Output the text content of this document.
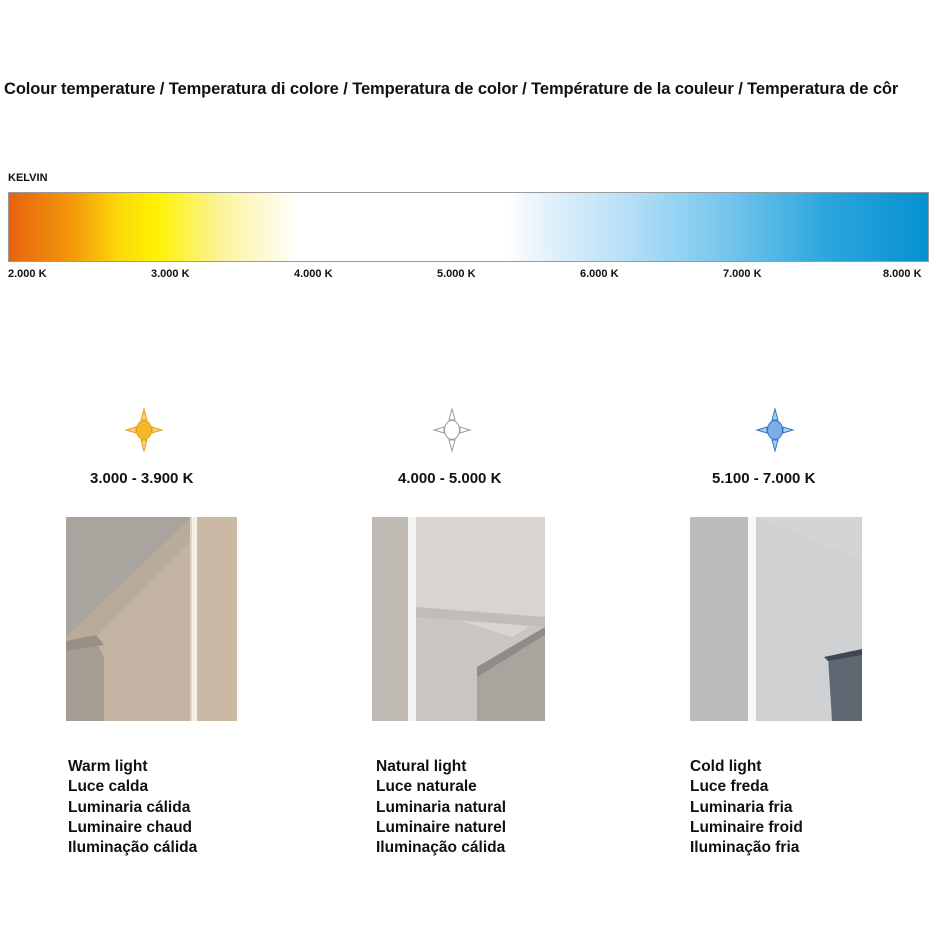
Colour temperature / Temperatura di colore / Temperatura de color / Température de la couleur / Temperatura de côr
KELVIN
2.000 K	3.000 K	4.000 K	5.000 K	6.000 K	7.000 K	8.000 K
3.000 - 3.900 K
Warm light
Luce calda
Luminaria cálida
Luminaire chaud
Iluminação cálida
4.000 - 5.000 K
Natural light
Luce naturale
Luminaria natural
Luminaire naturel
Iluminação cálida
5.100 - 7.000 K
Cold light
Luce freda
Luminaria fria
Luminaire froid
Iluminação fria
